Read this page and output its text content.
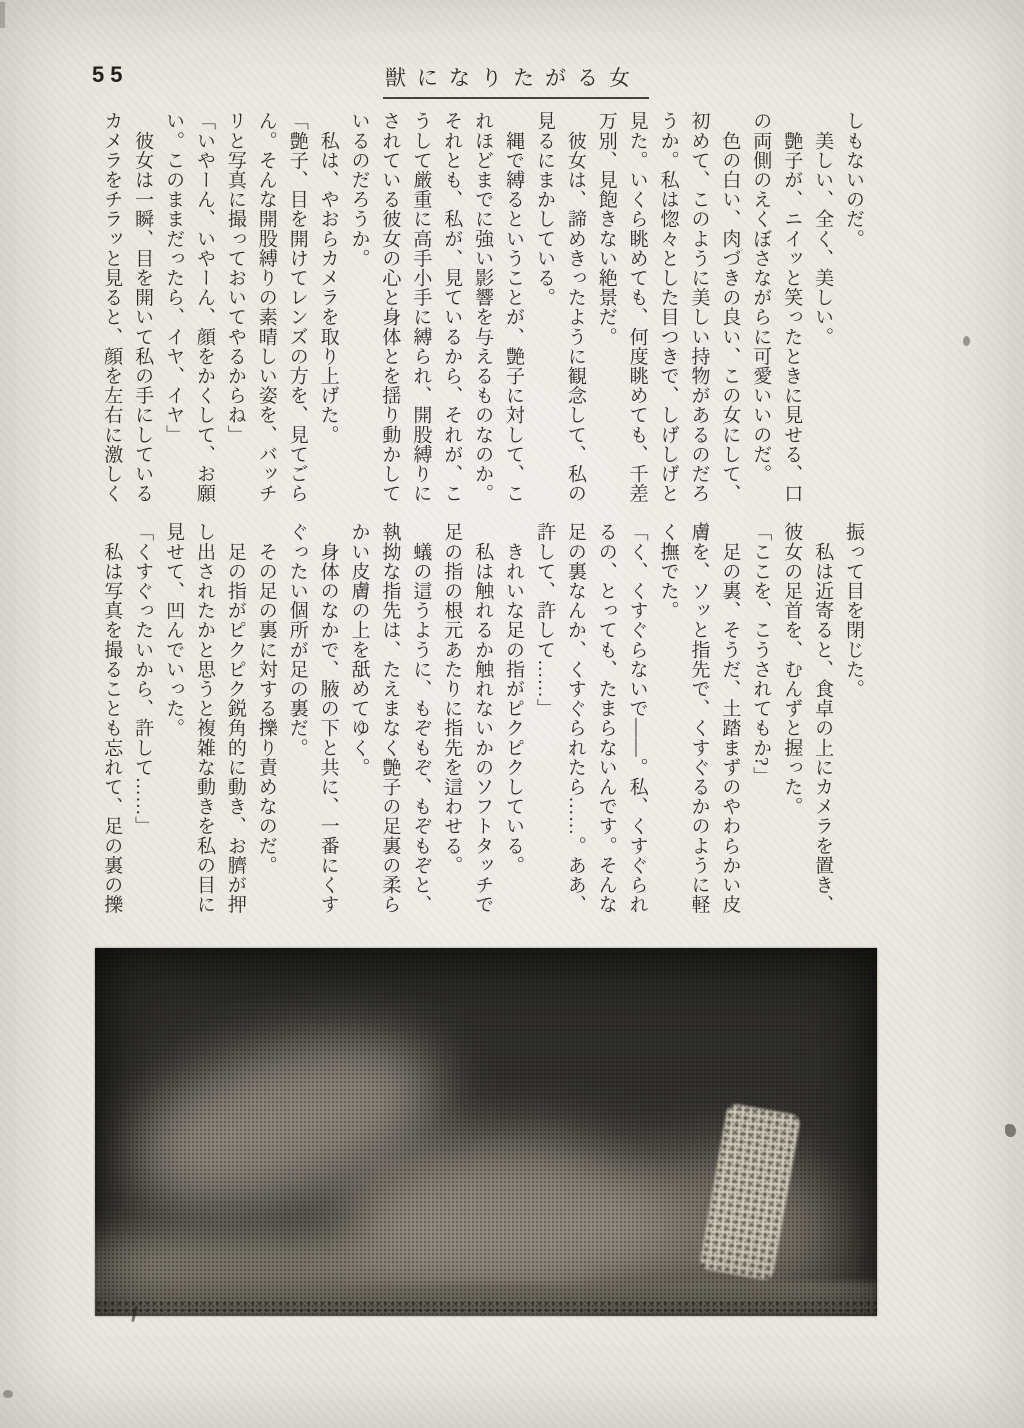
55	獣になりたがる女
しもないのだ。
　美しい、全く、美しい。
　艶子が、ニイッと笑ったときに見せる、口
の両側のえくぼさながらに可愛いいのだ。
　色の白い、肉づきの良い、この女にして、
初めて、このように美しい持物があるのだろ
うか。私は惚々とした目つきで、しげしげと
見た。いくら眺めても、何度眺めても、千差
万別、見飽きない絶景だ。
　彼女は、諦めきったように観念して、私の
見るにまかしている。
　縄で縛るということが、艶子に対して、こ
れほどまでに強い影響を与えるものなのか。
それとも、私が、見ているから、それが、こ
うして厳重に高手小手に縛られ、開股縛りに
されている彼女の心と身体とを揺り動かして
いるのだろうか。
　私は、やおらカメラを取り上げた。
「艶子、目を開けてレンズの方を、見てごら
ん。そんな開股縛りの素晴しい姿を、バッチ
リと写真に撮っておいてやるからね」
「いやーん、いやーん、顔をかくして、お願
い。このままだったら、イヤ、イヤ」
　彼女は一瞬、目を開いて私の手にしている
カメラをチラッと見ると、顔を左右に激しく
振って目を閉じた。
　私は近寄ると、食卓の上にカメラを置き、
彼女の足首を、むんずと握った。
「ここを、こうされてもか?」
　足の裏、そうだ、土踏まずのやわらかい皮
膚を、ソッと指先で、くすぐるかのように軽
く撫でた。
「く、くすぐらないで――。私、くすぐられ
るの、とっても、たまらないんです。そんな
足の裏なんか、くすぐられたら……。ああ、
許して、許して……」
　きれいな足の指がピクピクしている。
　私は触れるか触れないかのソフトタッチで
足の指の根元あたりに指先を這わせる。
　蟻の這うように、もぞもぞ、もぞもぞと、
執拗な指先は、たえまなく艶子の足裏の柔ら
かい皮膚の上を舐めてゆく。
　身体のなかで、腋の下と共に、一番にくす
ぐったい個所が足の裏だ。
　その足の裏に対する擽り責めなのだ。
　足の指がピクピク鋭角的に動き、お臍が押
し出されたかと思うと複雑な動きを私の目に
見せて、凹んでいった。
「くすぐったいから、許して……」
　私は写真を撮ることも忘れて、足の裏の擽
